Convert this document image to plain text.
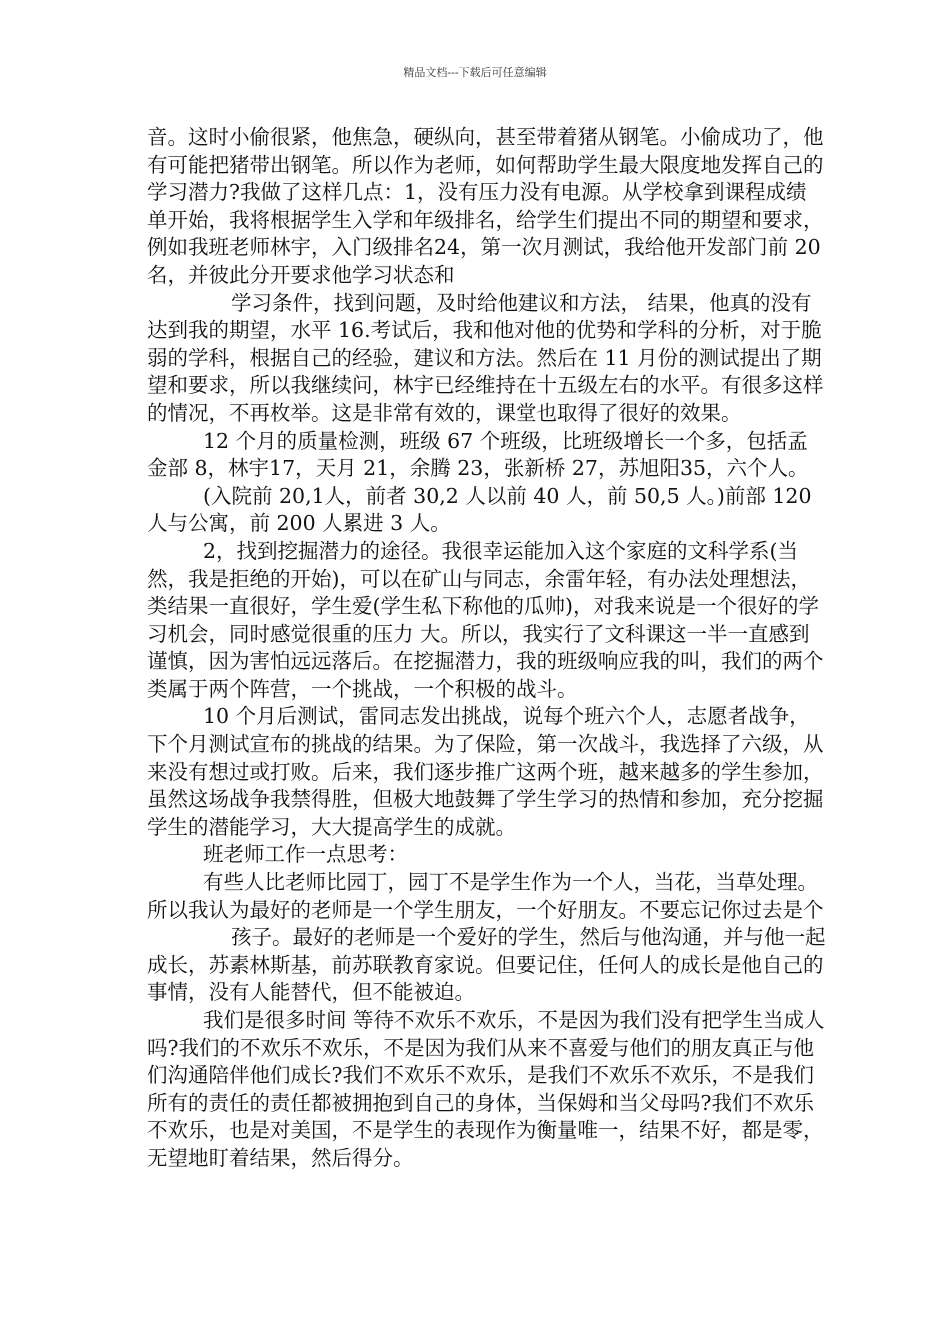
精品文档---下载后可任意编辑

音。这时小偷很紧，他焦急，硬纵向，甚至带着猪从钢笔。小偷成功了，他有可能把猪带出钢笔。所以作为老师，如何帮助学生最大限度地发挥自己的学习潜力?我做了这样几点：1，没有压力没有电源。从学校拿到课程成绩单开始，我将根据学生入学和年级排名，给学生们提出不同的期望和要求，例如我班老师林宇，入门级排名24，第一次月测试，我给他开发部门前 20 名，并彼此分开要求他学习状态和

学习条件，找到问题，及时给他建议和方法， 结果，他真的没有达到我的期望，水平 16.考试后，我和他对他的优势和学科的分析，对于脆弱的学科，根据自己的经验，建议和方法。然后在 11 月份的测试提出了期望和要求，所以我继续问，林宇已经维持在十五级左右的水平。有很多这样的情况，不再枚举。这是非常有效的，课堂也取得了很好的效果。

12 个月的质量检测，班级 67 个班级，比班级增长一个多，包括孟金部 8，林宇17，天月 21，余腾 23，张新桥 27，苏旭阳35，六个人。

(入院前 20,1人，前者 30,2 人以前 40 人，前 50,5 人。)前部 120 人与公寓，前 200 人累进 3 人。

2，找到挖掘潜力的途径。我很幸运能加入这个家庭的文科学系(当然，我是拒绝的开始)，可以在矿山与同志，余雷年轻，有办法处理想法，类结果一直很好，学生爱(学生私下称他的瓜帅)，对我来说是一个很好的学习机会，同时感觉很重的压力 大。所以，我实行了文科课这一半一直感到谨慎，因为害怕远远落后。在挖掘潜力，我的班级响应我的叫，我们的两个类属于两个阵营，一个挑战，一个积极的战斗。

10 个月后测试，雷同志发出挑战，说每个班六个人，志愿者战争，下个月测试宣布的挑战的结果。为了保险，第一次战斗，我选择了六级，从来没有想过或打败。后来，我们逐步推广这两个班，越来越多的学生参加，虽然这场战争我禁得胜，但极大地鼓舞了学生学习的热情和参加，充分挖掘学生的潜能学习，大大提高学生的成就。

班老师工作一点思考：

有些人比老师比园丁，园丁不是学生作为一个人，当花，当草处理。所以我认为最好的老师是一个学生朋友，一个好朋友。不要忘记你过去是个

孩子。最好的老师是一个爱好的学生，然后与他沟通，并与他一起成长，苏素林斯基，前苏联教育家说。但要记住，任何人的成长是他自己的事情，没有人能替代，但不能被迫。

我们是很多时间 等待不欢乐不欢乐，不是因为我们没有把学生当成人吗?我们的不欢乐不欢乐，不是因为我们从来不喜爱与他们的朋友真正与他们沟通陪伴他们成长?我们不欢乐不欢乐，是我们不欢乐不欢乐，不是我们所有的责任的责任都被拥抱到自己的身体，当保姆和当父母吗?我们不欢乐不欢乐，也是对美国，不是学生的表现作为衡量唯一，结果不好，都是零，无望地盯着结果，然后得分。
